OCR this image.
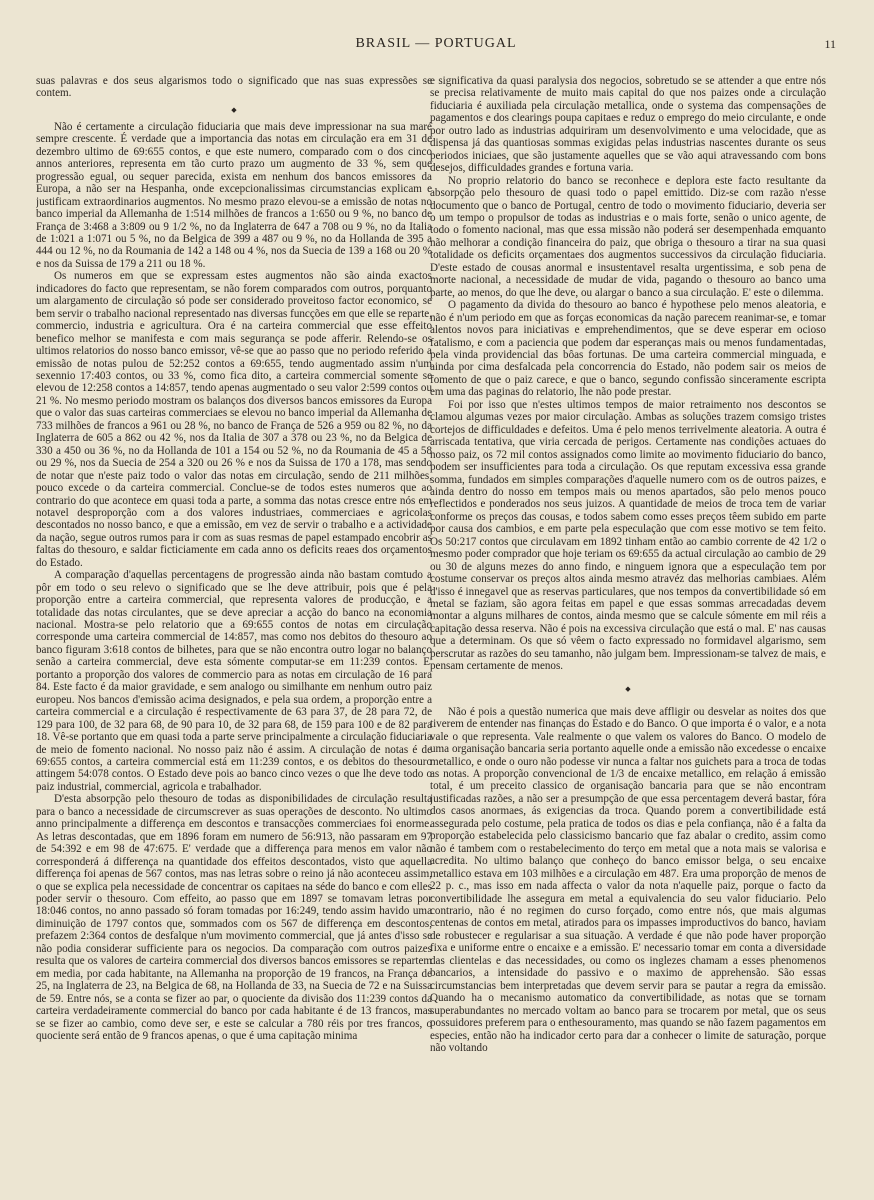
BRASIL — PORTUGAL	11

suas palavras e dos seus algarismos todo o significado que nas suas expressões se contem.

◆

Não é certamente a circulação fiduciaria que mais deve impressionar na sua maré sempre crescente. É verdade que a importancia das notas em circulação era em 31 de dezembro ultimo de 69:655 contos, e que este numero, comparado com o dos cinco annos anteriores, representa em tão curto prazo um augmento de 33 %, sem que progressão egual, ou sequer parecida, exista em nenhum dos bancos emissores da Europa, a não ser na Hespanha, onde excepcionalissimas circumstancias explicam e justificam extraordinarios augmentos. No mesmo prazo elevou-se a emissão de notas no banco imperial da Allemanha de 1:514 milhões de francos a 1:650 ou 9 %, no banco de França de 3:468 a 3:809 ou 9 1/2 %, no da Inglaterra de 647 a 708 ou 9 %, no da Italia de 1:021 a 1:071 ou 5 %, no da Belgica de 399 a 487 ou 9 %, no da Hollanda de 395 a 444 ou 12 %, no da Roumania de 142 a 148 ou 4 %, nos da Suecia de 139 a 168 ou 20 % e nos da Suissa de 179 a 211 ou 18 %.

Os numeros em que se expressam estes augmentos não são ainda exactos indicadores do facto que representam, se não forem comparados com outros, porquanto um alargamento de circulação só pode ser considerado proveitoso factor economico, se bem servir o trabalho nacional representado nas diversas funcções em que elle se reparte, commercio, industria e agricultura. Ora é na carteira commercial que esse effeito benefico melhor se manifesta e com mais segurança se pode afferir. Relendo-se os ultimos relatorios do nosso banco emissor, vê-se que ao passo que no periodo referido a emissão de notas pulou de 52:252 contos a 69:655, tendo augmentado assim n'um sexennio 17:403 contos, ou 33 %, como fica dito, a carteira commercial somente se elevou de 12:258 contos a 14:857, tendo apenas augmentado o seu valor 2:599 contos ou 21 %. No mesmo periodo mostram os balanços dos diversos bancos emissores da Europa que o valor das suas carteiras commerciaes se elevou no banco imperial da Allemanha de 733 milhões de francos a 961 ou 28 %, no banco de França de 526 a 959 ou 82 %, no da Inglaterra de 605 a 862 ou 42 %, nos da Italia de 307 a 378 ou 23 %, no da Belgica de 330 a 450 ou 36 %, no da Hollanda de 101 a 154 ou 52 %, no da Roumania de 45 a 58 ou 29 %, nos da Suecia de 254 a 320 ou 26 % e nos da Suissa de 170 a 178, mas sendo de notar que n'este paiz todo o valor das notas em circulação, sendo de 211 milhões, pouco excede o da carteira commercial. Conclue-se de todos estes numeros que ao contrario do que acontece em quasi toda a parte, a somma das notas cresce entre nós em notavel desproporção com a dos valores industriaes, commerciaes e agricolas descontados no nosso banco, e que a emissão, em vez de servir o trabalho e a actividade da nação, segue outros rumos para ir com as suas resmas de papel estampado encobrir as faltas do thesouro, e saldar ficticiamente em cada anno os deficits reaes dos orçamentos do Estado.

A comparação d'aquellas percentagens de progressão ainda não bastam comtudo a pôr em todo o seu relevo o significado que se lhe deve attribuir, pois que é pela proporção entre a carteira commercial, que representa valores de producção, e a totalidade das notas circulantes, que se deve apreciar a acção do banco na economia nacional. Mostra-se pelo relatorio que a 69:655 contos de notas em circulação corresponde uma carteira commercial de 14:857, mas como nos debitos do thesouro ao banco figuram 3:618 contos de bilhetes, para que se não encontra outro logar no balanço senão a carteira commercial, deve esta sómente computar-se em 11:239 contos. E' portanto a proporção dos valores de commercio para as notas em circulação de 16 para 84. Este facto é da maior gravidade, e sem analogo ou similhante em nenhum outro paiz europeu. Nos bancos d'emissão acima designados, e pela sua ordem, a proporção entre a carteira commercial e a circulação é respectivamente de 63 para 37, de 28 para 72, de 129 para 100, de 32 para 68, de 90 para 10, de 32 para 68, de 159 para 100 e de 82 para 18. Vê-se portanto que em quasi toda a parte serve principalmente a circulação fiduciaria de meio de fomento nacional. No nosso paiz não é assim. A circulação de notas é de 69:655 contos, a carteira commercial está em 11:239 contos, e os debitos do thesouro attingem 54:078 contos. O Estado deve pois ao banco cinco vezes o que lhe deve todo o paiz industrial, commercial, agricola e trabalhador.

D'esta absorpção pelo thesouro de todas as disponibilidades de circulação resulta para o banco a necessidade de circumscrever as suas operações de desconto. No ultimo anno principalmente a differença em descontos e transacções commerciaes foi enorme. As letras descontadas, que em 1896 foram em numero de 56:913, não passaram em 97 de 54:392 e em 98 de 47:675. E' verdade que a differença para menos em valor não corresponderá á differença na quantidade dos effeitos descontados, visto que aquella differença foi apenas de 567 contos, mas nas letras sobre o reino já não aconteceu assim, o que se explica pela necessidade de concentrar os capitaes na séde do banco e com elles poder servir o thesouro. Com effeito, ao passo que em 1897 se tomavam letras por 18:046 contos, no anno passado só foram tomadas por 16:249, tendo assim havido uma diminuição de 1797 contos que, sommados com os 567 de differença em descontos, prefazem 2:364 contos de desfalque n'um movimento commercial, que já antes d'isso se não podia considerar sufficiente para os negocios. Da comparação com outros paizes resulta que os valores de carteira commercial dos diversos bancos emissores se repartem em media, por cada habitante, na Allemanha na proporção de 19 francos, na França de 25, na Inglaterra de 23, na Belgica de 68, na Hollanda de 33, na Suecia de 72 e na Suissa de 59. Entre nós, se a conta se fizer ao par, o quociente da divisão dos 11:239 contos da carteira verdadeiramente commercial do banco por cada habitante é de 13 francos, mas se se fizer ao cambio, como deve ser, e este se calcular a 780 réis por tres francos, o quociente será então de 9 francos apenas, o que é uma capitação minima

e significativa da quasi paralysia dos negocios, sobretudo se se attender a que entre nós se precisa relativamente de muito mais capital do que nos paizes onde a circulação fiduciaria é auxiliada pela circulação metallica, onde o systema das compensações de pagamentos e dos clearings poupa capitaes e reduz o emprego do meio circulante, e onde por outro lado as industrias adquiriram um desenvolvimento e uma velocidade, que as dispensa já das quantiosas sommas exigidas pelas industrias nascentes durante os seus periodos iniciaes, que são justamente aquelles que se vão aqui atravessando com bons desejos, difficuldades grandes e fortuna varia.

No proprio relatorio do banco se reconhece e deplora este facto resultante da absorpção pelo thesouro de quasi todo o papel emittido. Diz-se com razão n'esse documento que o banco de Portugal, centro de todo o movimento fiduciario, deveria ser o um tempo o propulsor de todas as industrias e o mais forte, senão o unico agente, de todo o fomento nacional, mas que essa missão não poderá ser desempenhada emquanto não melhorar a condição financeira do paiz, que obriga o thesouro a tirar na sua quasi totalidade os deficits orçamentaes dos augmentos successivos da circulação fiduciaria. D'este estado de cousas anormal e insustentavel resalta urgentissima, e sob pena de morte nacional, a necessidade de mudar de vida, pagando o thesouro ao banco uma parte, ao menos, do que lhe deve, ou alargar o banco a sua circulação. E' este o dilemma.

O pagamento da divida do thesouro ao banco é hypothese pelo menos aleatoria, e não é n'um periodo em que as forças economicas da nação parecem reanimar-se, e tomar alentos novos para iniciativas e emprehendimentos, que se deve esperar em ocioso fatalismo, e com a paciencia que podem dar esperanças mais ou menos fundamentadas, pela vinda providencial das bôas fortunas. De uma carteira commercial minguada, e ainda por cima desfalcada pela concorrencia do Estado, não podem sair os meios de fomento de que o paiz carece, e que o banco, segundo confissão sinceramente escripta em uma das paginas do relatorio, lhe não pode prestar.

Foi por isso que n'estes ultimos tempos de maior retraimento nos descontos se clamou algumas vezes por maior circulação. Ambas as soluções trazem comsigo tristes cortejos de difficuldades e defeitos. Uma é pelo menos terrivelmente aleatoria. A outra é arriscada tentativa, que viria cercada de perigos. Certamente nas condições actuaes do nosso paiz, os 72 mil contos assignados como limite ao movimento fiduciario do banco, podem ser insufficientes para toda a circulação. Os que reputam excessiva essa grande somma, fundados em simples comparações d'aquelle numero com os de outros paizes, e ainda dentro do nosso em tempos mais ou menos apartados, são pelo menos pouco reflectidos e ponderados nos seus juizos. A quantidade de meios de troca tem de variar conforme os preços das cousas, e todos sabem como esses preços têem subido em parte por causa dos cambios, e em parte pela especulação que com esse motivo se tem feito. Os 50:217 contos que circulavam em 1892 tinham então ao cambio corrente de 42 1/2 o mesmo poder comprador que hoje teriam os 69:655 da actual circulação ao cambio de 29 ou 30 de alguns mezes do anno findo, e ninguem ignora que a especulação tem por costume conservar os preços altos ainda mesmo atravéz das melhorias cambiaes. Além d'isso é innegavel que as reservas particulares, que nos tempos da convertibilidade só em metal se faziam, são agora feitas em papel e que essas sommas arrecadadas devem montar a alguns milhares de contos, ainda mesmo que se calcule sómente em mil réis a capitação dessa reserva. Não é pois na excessiva circulação que está o mal. E' nas causas que a determinam. Os que só vêem o facto expressado no formidavel algarismo, sem perscrutar as razões do seu tamanho, não julgam bem. Impressionam-se talvez de mais, e pensam certamente de menos.

◆

Não é pois a questão numerica que mais deve affligir ou desvelar as noites dos que tiverem de entender nas finanças do Estado e do Banco. O que importa é o valor, e a nota vale o que representa. Vale realmente o que valem os valores do Banco. O modelo de uma organisação bancaria seria portanto aquelle onde a emissão não excedesse o encaixe metallico, e onde o ouro não podesse vir nunca a faltar nos guichets para a troca de todas as notas. A proporção convencional de 1/3 de encaixe metallico, em relação á emissão total, é um preceito classico de organisação bancaria para que se não encontram justificadas razões, a não ser a presumpção de que essa percentagem deverá bastar, fóra dos casos anormaes, ás exigencias da troca. Quando porem a convertibilidade está assegurada pelo costume, pela pratica de todos os dias e pela confiança, não é a falta da proporção estabelecida pelo classicismo bancario que faz abalar o credito, assim como não é tambem com o restabelecimento do terço em metal que a nota mais se valorisa e acredita. No ultimo balanço que conheço do banco emissor belga, o seu encaixe metallico estava em 103 milhões e a circulação em 487. Era uma proporção de menos de 22 p. c., mas isso em nada affecta o valor da nota n'aquelle paiz, porque o facto da convertibilidade lhe assegura em metal a equivalencia do seu valor fiduciario. Pelo contrario, não é no regimen do curso forçado, como entre nós, que mais algumas centenas de contos em metal, atirados para os impasses improductivos do banco, haviam de robustecer e regularisar a sua situação. A verdade é que não pode haver proporção fixa e uniforme entre o encaixe e a emissão. E' necessario tomar em conta a diversidade das clientelas e das necessidades, ou como os inglezes chamam a esses phenomenos bancarios, a intensidade do passivo e o maximo de apprehensão. São essas circumstancias bem interpretadas que devem servir para se pautar a regra da emissão. Quando ha o mecanismo automatico da convertibilidade, as notas que se tornam superabundantes no mercado voltam ao banco para se trocarem por metal, que os seus possuidores preferem para o enthesouramento, mas quando se não fazem pagamentos em especies, então não ha indicador certo para dar a conhecer o limite de saturação, porque não voltando
